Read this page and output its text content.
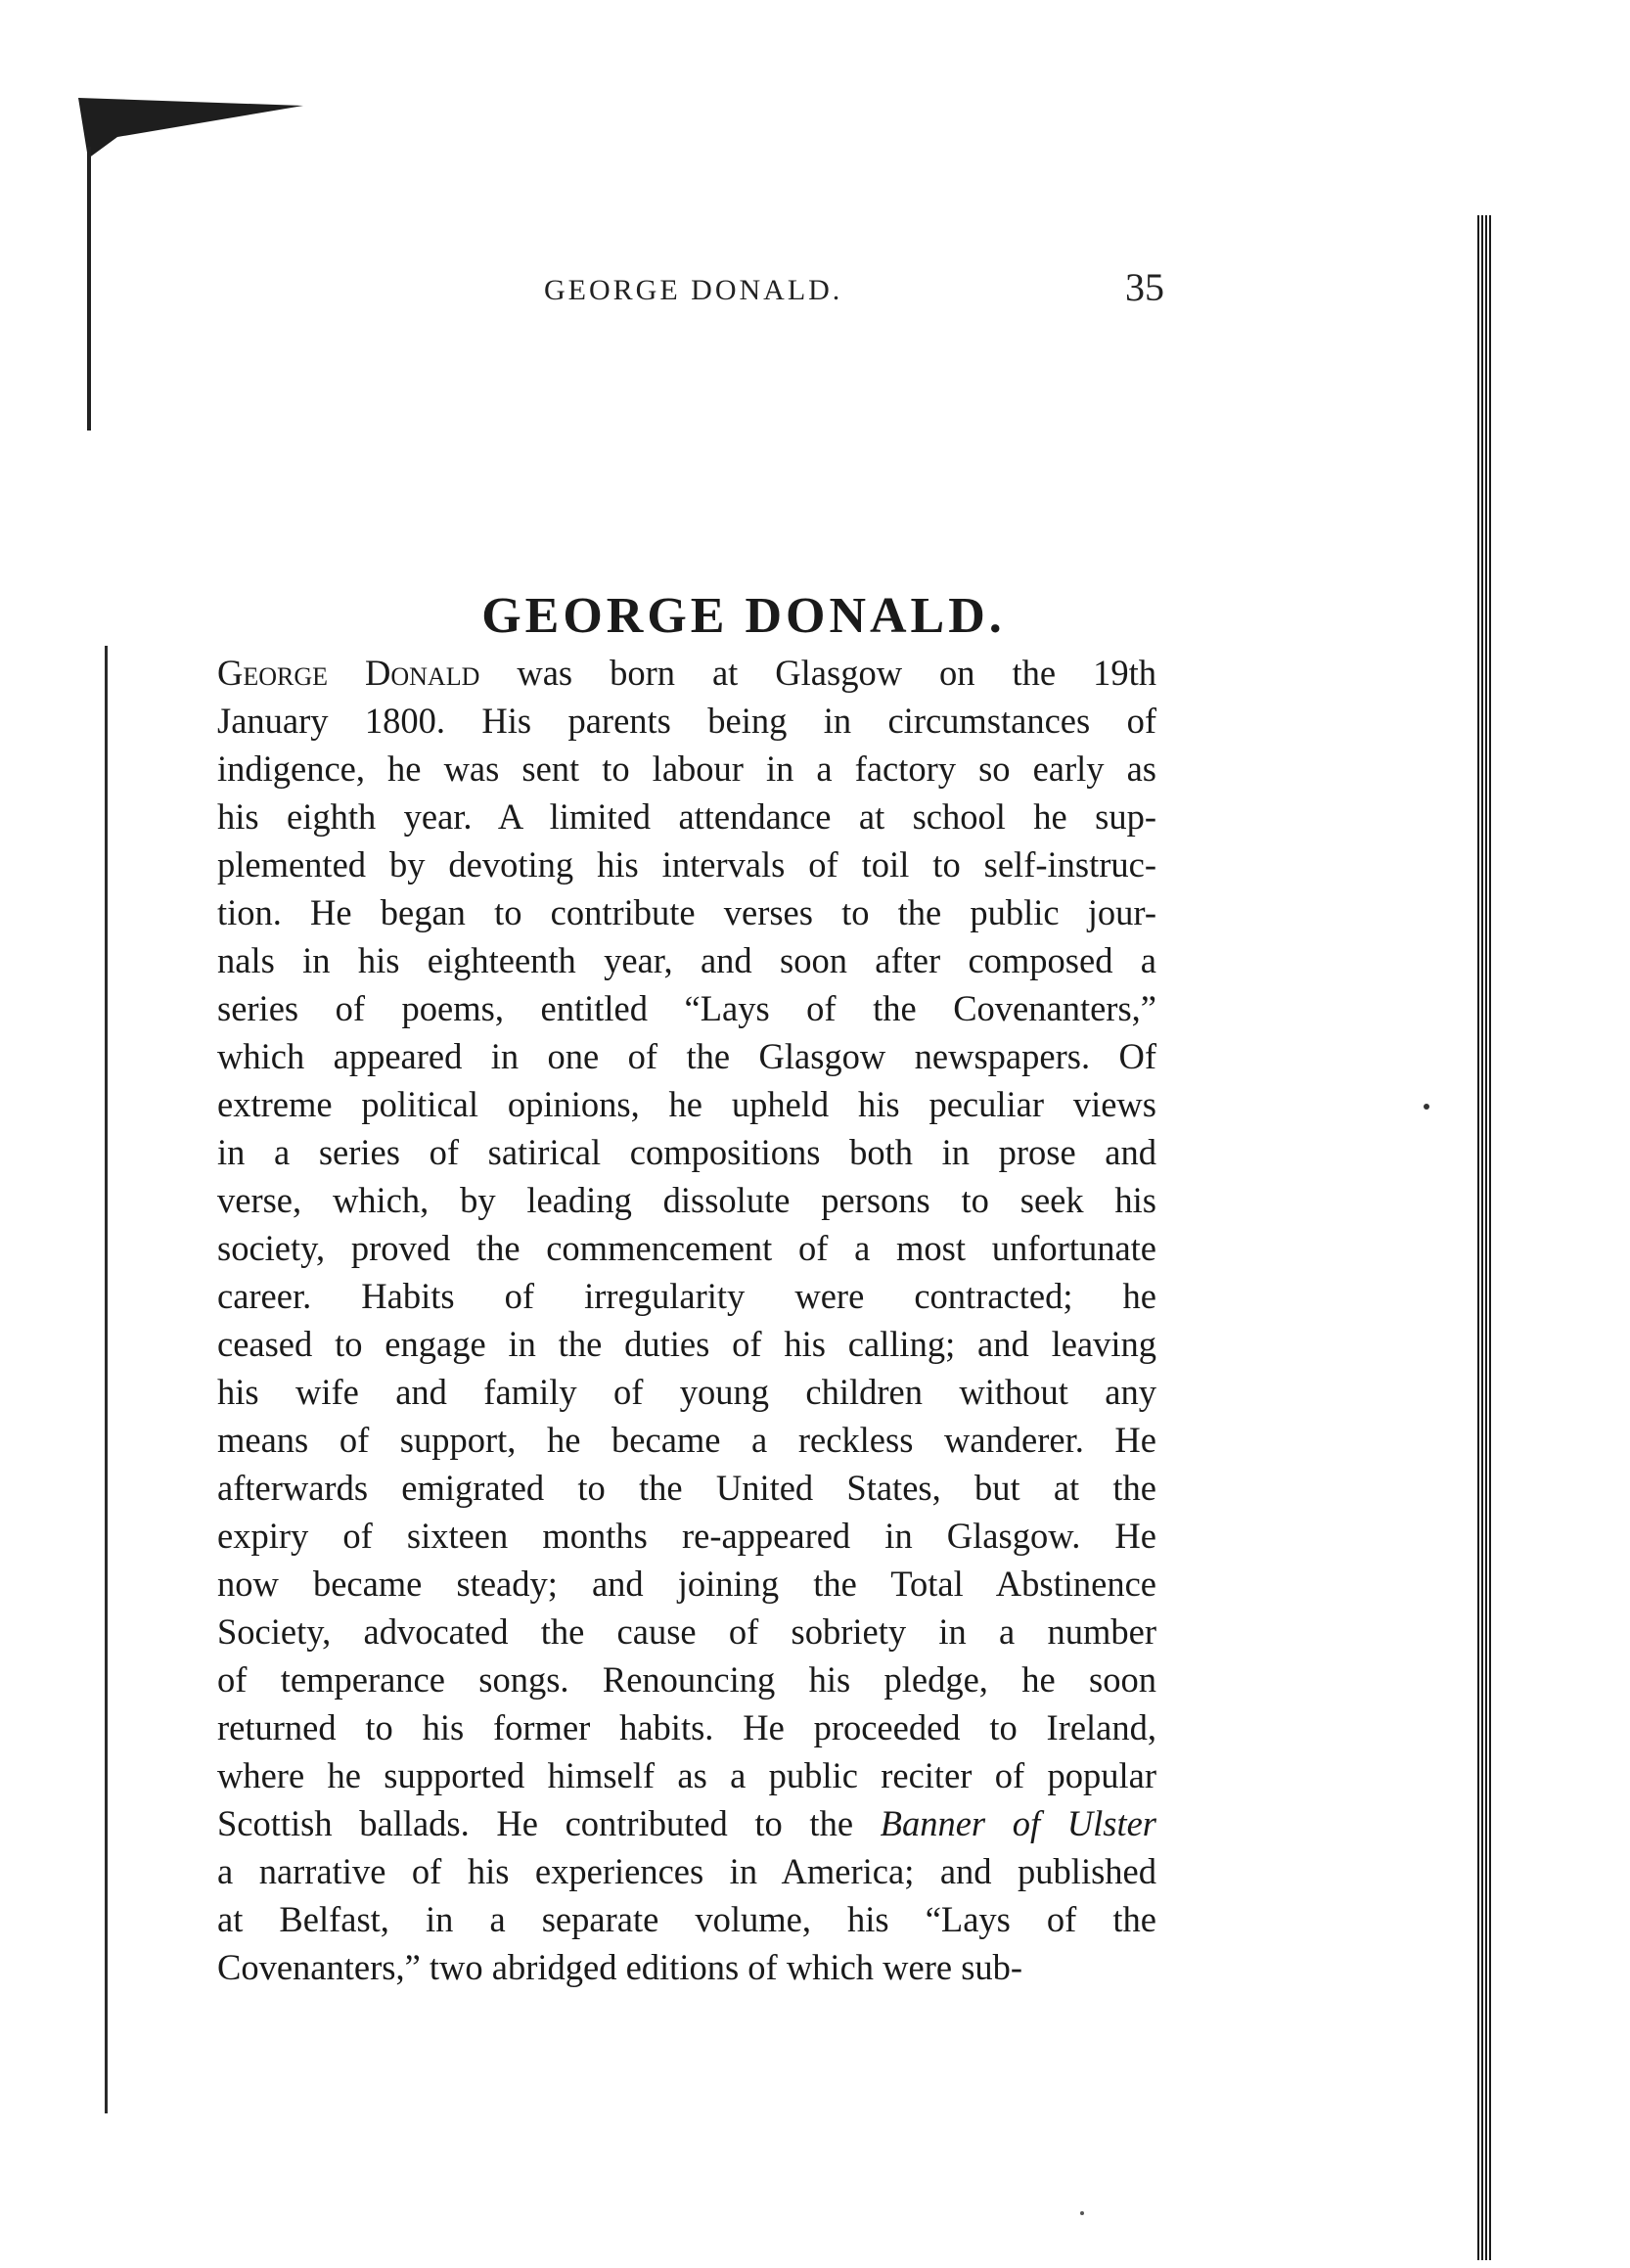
GEORGE DONALD.	35
GEORGE DONALD.
George Donald was born at Glasgow on the 19th
January 1800. His parents being in circumstances of
indigence, he was sent to labour in a factory so early as
his eighth year. A limited attendance at school he sup-
plemented by devoting his intervals of toil to self-instruc-
tion. He began to contribute verses to the public jour-
nals in his eighteenth year, and soon after composed a
series of poems, entitled “Lays of the Covenanters,”
which appeared in one of the Glasgow newspapers. Of
extreme political opinions, he upheld his peculiar views
in a series of satirical compositions both in prose and
verse, which, by leading dissolute persons to seek his
society, proved the commencement of a most unfortunate
career. Habits of irregularity were contracted; he
ceased to engage in the duties of his calling; and leaving
his wife and family of young children without any
means of support, he became a reckless wanderer. He
afterwards emigrated to the United States, but at the
expiry of sixteen months re-appeared in Glasgow. He
now became steady; and joining the Total Abstinence
Society, advocated the cause of sobriety in a number
of temperance songs. Renouncing his pledge, he soon
returned to his former habits. He proceeded to Ireland,
where he supported himself as a public reciter of popular
Scottish ballads. He contributed to the Banner of Ulster
a narrative of his experiences in America; and published
at Belfast, in a separate volume, his “Lays of the
Covenanters,” two abridged editions of which were sub-
